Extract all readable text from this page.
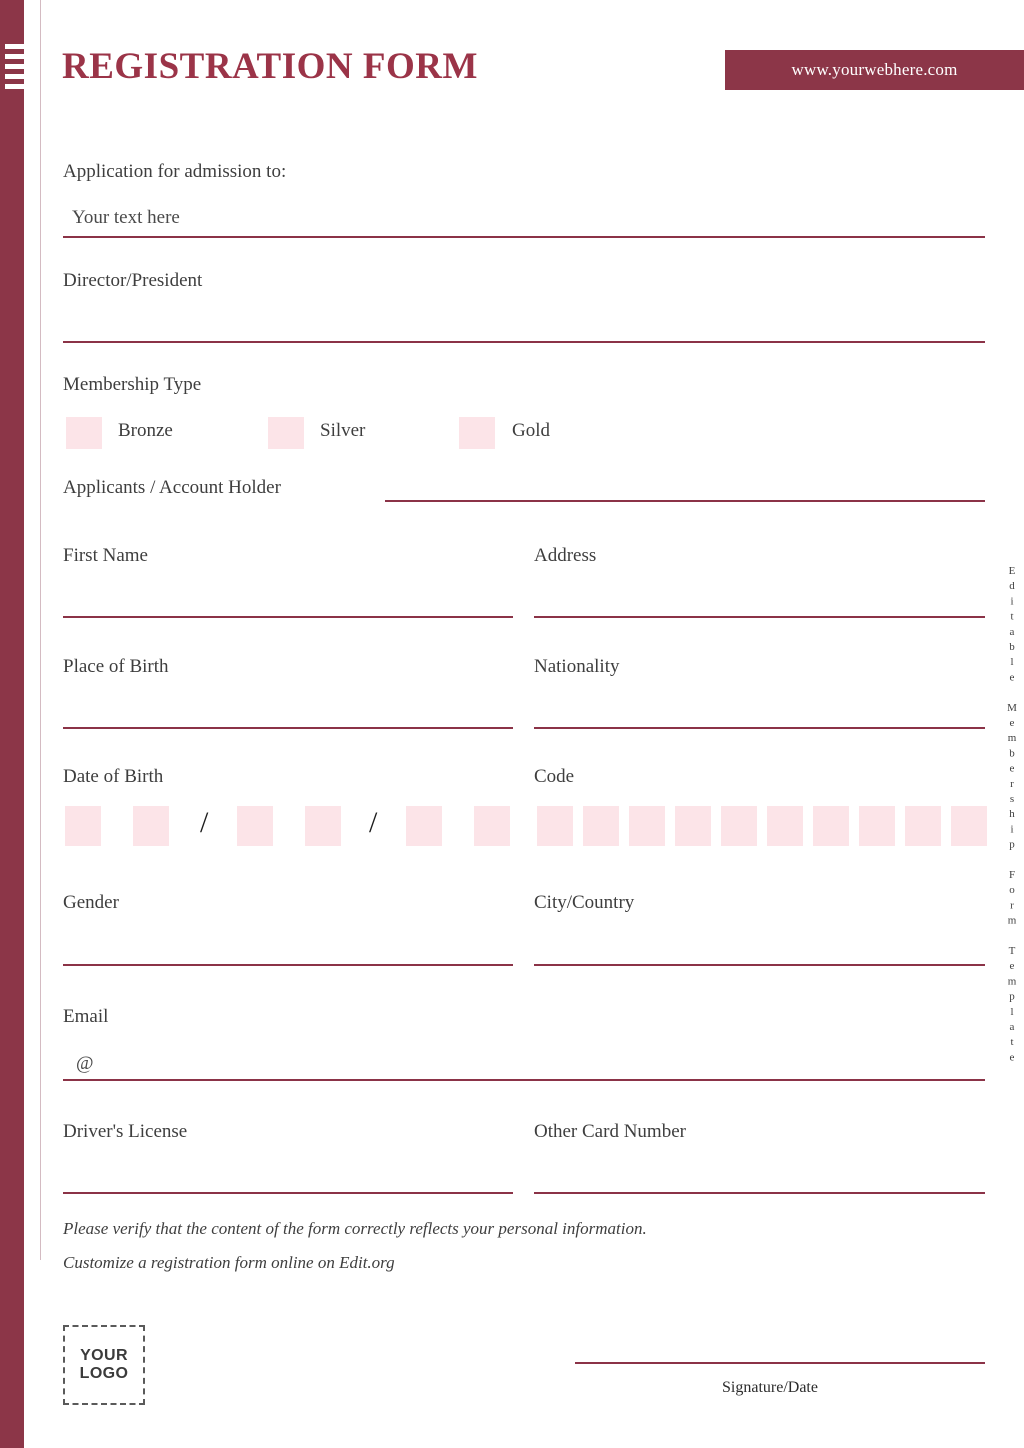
REGISTRATION FORM	www.yourwebhere.com
Editable Membership Form Template
Application for admission to:
Your text here
Director/President
Membership Type
Bronze	Silver	Gold
Applicants / Account Holder
First Name	Address
Place of Birth	Nationality
Date of Birth
/	/
Code
Gender	City/Country
Email
@
Driver's License	Other Card Number
Please verify that the content of the form correctly reflects your personal information.
Customize a registration form online on Edit.org
YOUR
LOGO
Signature/Date
